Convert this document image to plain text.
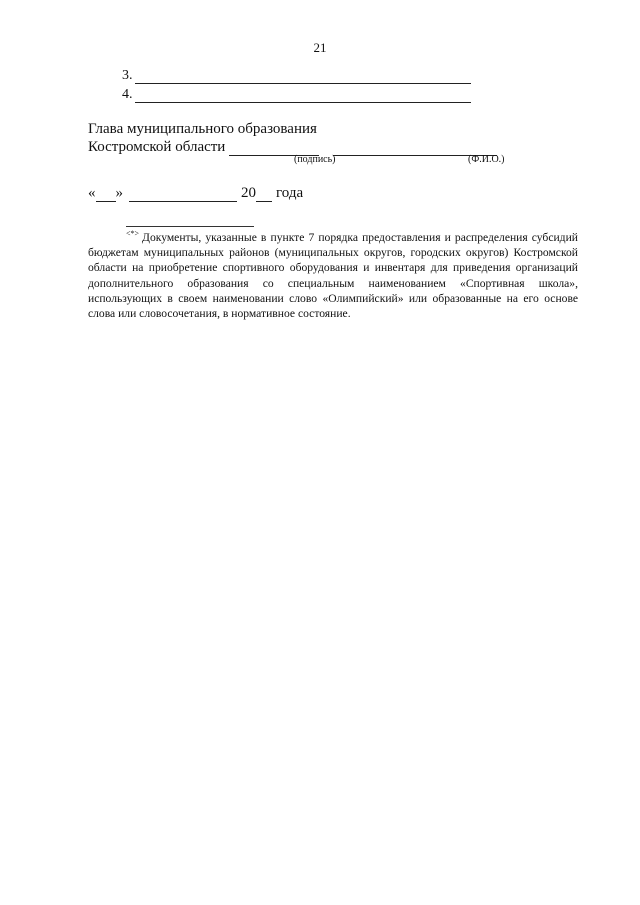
21
3.
4.
Глава муниципального образования
Костромской области
(подпись)	(Ф.И.О.)
« »	20 года
<*> Документы, указанные в пункте 7 порядка предоставления и распределения субсидий бюджетам муниципальных районов (муниципальных округов, городских округов) Костромской области на приобретение спортивного оборудования и инвентаря для приведения организаций дополнительного образования со специальным наименованием «Спортивная школа», использующих в своем наименовании слово «Олимпийский» или образованные на его основе слова или словосочетания, в нормативное состояние.
